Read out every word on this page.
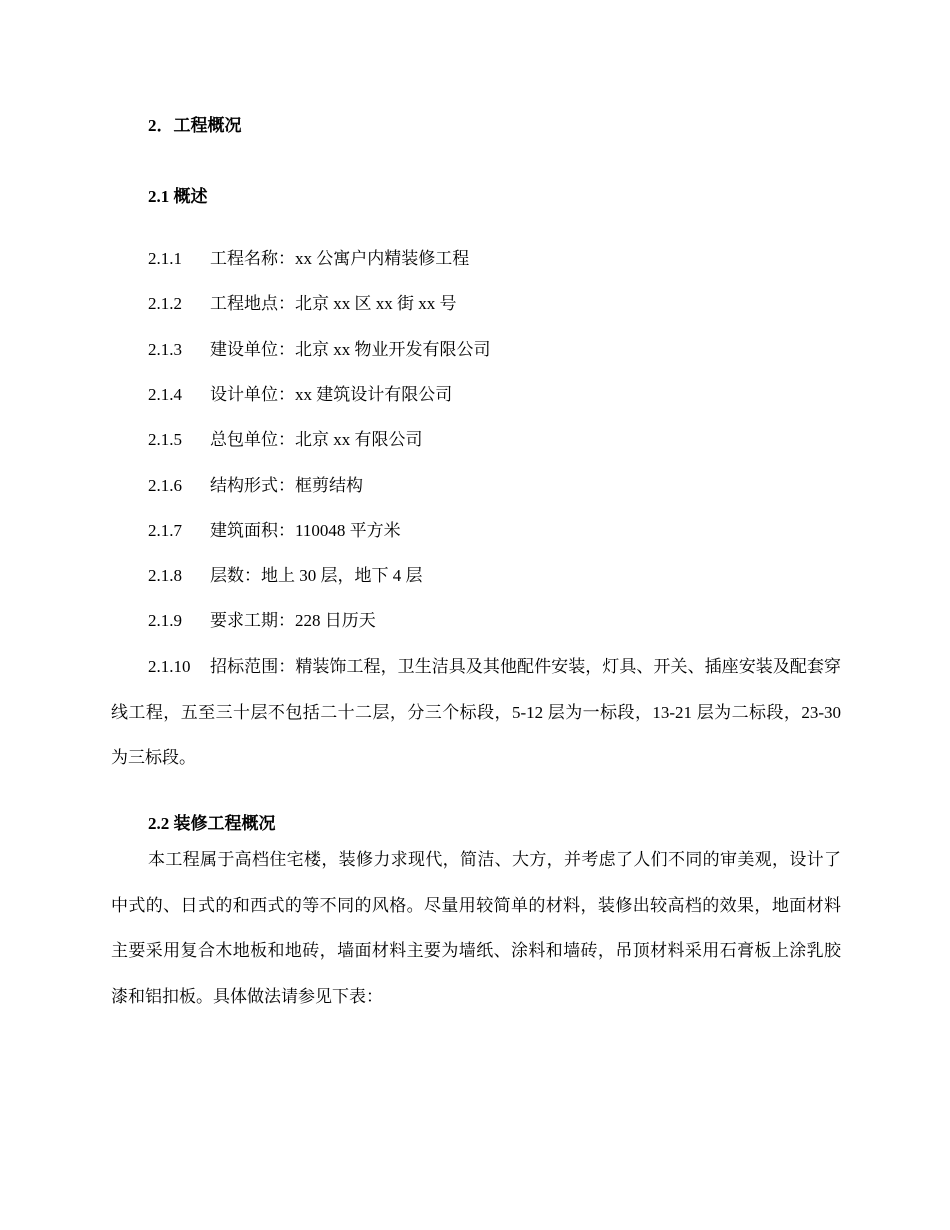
2．工程概况
2.1 概述
2.1.1 工程名称：xx 公寓户内精装修工程
2.1.2 工程地点：北京 xx 区 xx 街 xx 号
2.1.3 建设单位：北京 xx 物业开发有限公司
2.1.4 设计单位：xx 建筑设计有限公司
2.1.5 总包单位：北京 xx 有限公司
2.1.6 结构形式：框剪结构
2.1.7 建筑面积：110048 平方米
2.1.8 层数：地上 30 层，地下 4 层
2.1.9 要求工期：228 日历天
2.1.10 招标范围：精装饰工程，卫生洁具及其他配件安装，灯具、开关、插座安装及配套穿线工程，五至三十层不包括二十二层，分三个标段，5-12 层为一标段，13-21 层为二标段，23-30 为三标段。
2.2 装修工程概况
本工程属于高档住宅楼，装修力求现代，简洁、大方，并考虑了人们不同的审美观，设计了中式的、日式的和西式的等不同的风格。尽量用较简单的材料，装修出较高档的效果，地面材料主要采用复合木地板和地砖，墙面材料主要为墙纸、涂料和墙砖，吊顶材料采用石膏板上涂乳胶漆和铝扣板。具体做法请参见下表：
